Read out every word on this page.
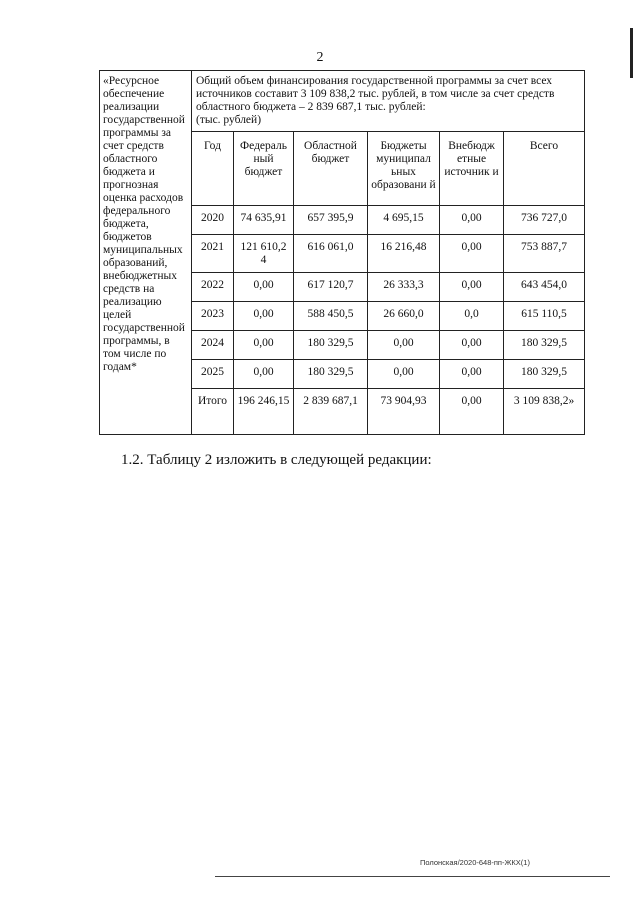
2
«Ресурсное обеспечение реализации государственной программы за счет средств областного бюджета и прогнозная оценка расходов федерального бюджета, бюджетов муниципальных образований, внебюджетных средств на реализацию целей государственной программы, в том числе по годам*	Общий объем финансирования государственной программы за счет всех источников составит 3 109 838,2 тыс. рублей, в том числе за счет средств областного бюджета – 2 839 687,1 тыс. рублей:
(тыс. рублей)					
	Год	Федераль ный бюджет	Областной бюджет	Бюджеты муниципал ьных образовани й	Внебюдж етные источник и	Всего
	2020	74 635,91	657 395,9	4 695,15	0,00	736 727,0
	2021	121 610,2 4	616 061,0	16 216,48	0,00	753 887,7
	2022	0,00	617 120,7	26 333,3	0,00	643 454,0
	2023	0,00	588 450,5	26 660,0	0,0	615 110,5
	2024	0,00	180 329,5	0,00	0,00	180 329,5
	2025	0,00	180 329,5	0,00	0,00	180 329,5
	Итого	196 246,15	2 839 687,1	73 904,93	0,00	3 109 838,2»
1.2. Таблицу 2 изложить в следующей редакции:
Полонская/2020-648-пп-ЖКХ(1)
